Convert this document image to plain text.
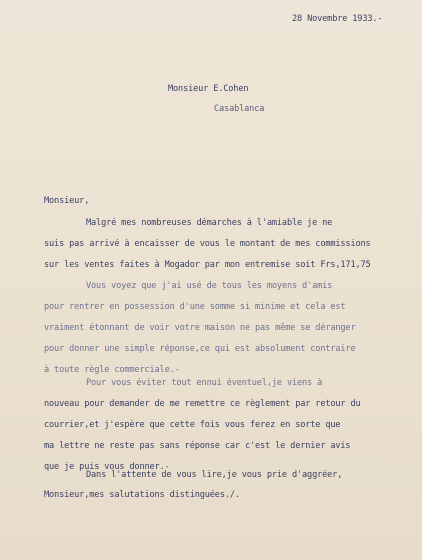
28 Novembre 1933.-
Monsieur E.Cohen
Casablanca
Monsieur,
Malgré mes nombreuses démarches à l'amiable je ne
suis pas arrivé à encaisser de vous le montant de mes commissions
sur les ventes faites à Mogador par mon entremise soit Frs,171,75
Vous voyez que j'ai usé de tous les moyens d'amis
pour rentrer en possession d'une somme si minime et cela est
vraiment étonnant de voir votre maison ne pas même se déranger
pour donner une simple réponse,ce qui est absolument contraire
à toute règle commerciale.-
Pour vous éviter tout ennui éventuel,je viens à
nouveau pour demander de me remettre ce règlement par retour du
courrier,et j'espère que cette fois vous ferez en sorte que
ma lettre ne reste pas sans réponse car c'est le dernier avis
que je puis vous donner.-
Dans l'attente de vous lire,je vous prie d'aggréer,
Monsieur,mes salutations distinguées./.
